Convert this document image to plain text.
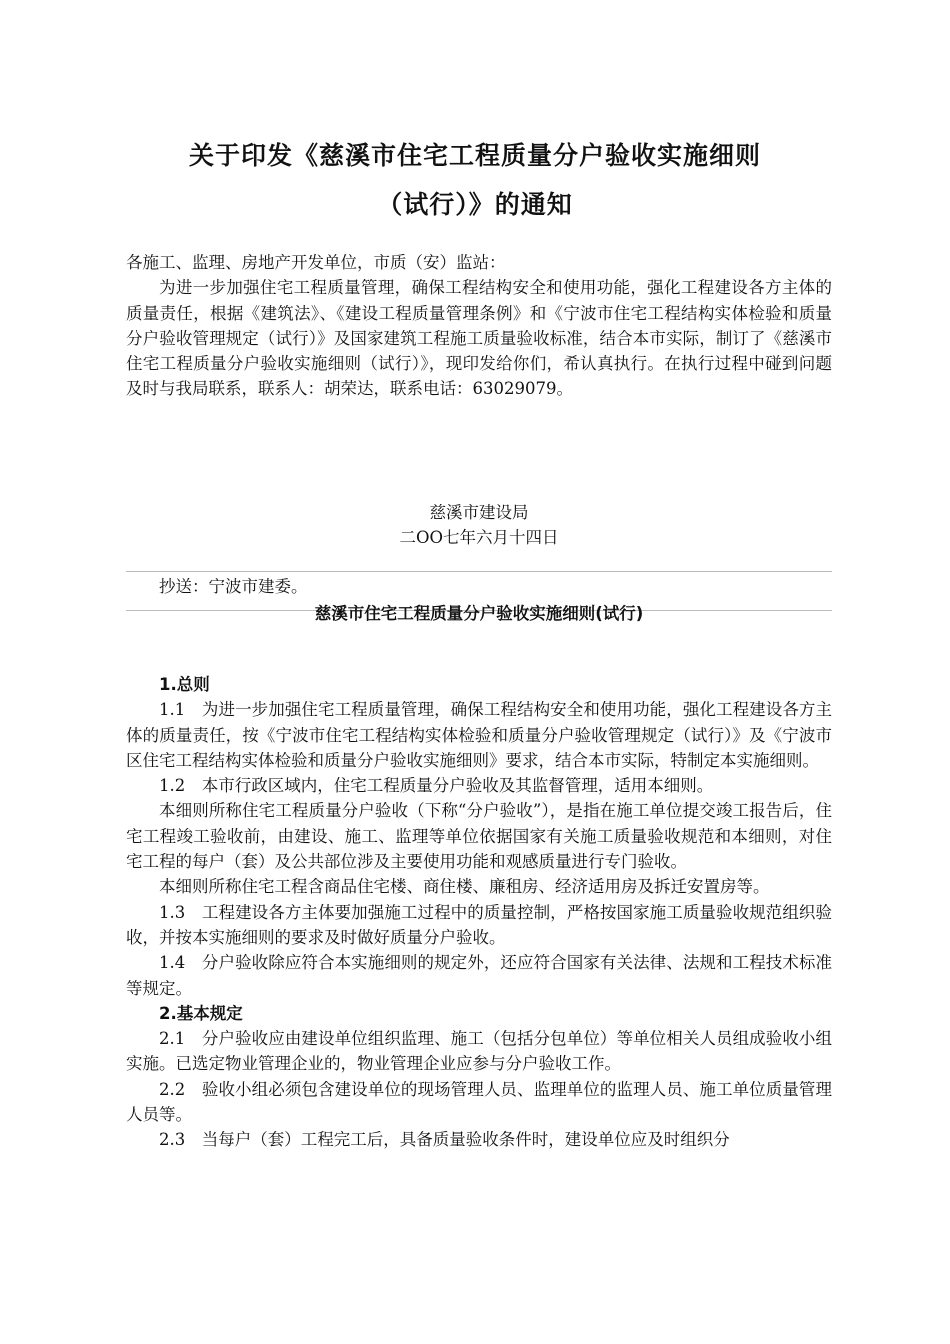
关于印发《慈溪市住宅工程质量分户验收实施细则
（试行）》的通知

各施工、监理、房地产开发单位，市质（安）监站：

为进一步加强住宅工程质量管理，确保工程结构安全和使用功能，强化工程建设各方主体的质量责任，根据《建筑法》、《建设工程质量管理条例》和《宁波市住宅工程结构实体检验和质量分户验收管理规定（试行）》及国家建筑工程施工质量验收标准，结合本市实际，制订了《慈溪市住宅工程质量分户验收实施细则（试行）》，现印发给你们，希认真执行。在执行过程中碰到问题及时与我局联系，联系人：胡荣达，联系电话：63029079。

慈溪市建设局

二OO七年六月十四日

抄送：宁波市建委。

慈溪市住宅工程质量分户验收实施细则(试行)

1.总则

1.1　为进一步加强住宅工程质量管理，确保工程结构安全和使用功能，强化工程建设各方主体的质量责任，按《宁波市住宅工程结构实体检验和质量分户验收管理规定（试行）》及《宁波市区住宅工程结构实体检验和质量分户验收实施细则》要求，结合本市实际，特制定本实施细则。

1.2　本市行政区域内，住宅工程质量分户验收及其监督管理，适用本细则。

本细则所称住宅工程质量分户验收（下称“分户验收”），是指在施工单位提交竣工报告后，住宅工程竣工验收前，由建设、施工、监理等单位依据国家有关施工质量验收规范和本细则，对住宅工程的每户（套）及公共部位涉及主要使用功能和观感质量进行专门验收。

本细则所称住宅工程含商品住宅楼、商住楼、廉租房、经济适用房及拆迁安置房等。

1.3　工程建设各方主体要加强施工过程中的质量控制，严格按国家施工质量验收规范组织验收，并按本实施细则的要求及时做好质量分户验收。

1.4　分户验收除应符合本实施细则的规定外，还应符合国家有关法律、法规和工程技术标准等规定。

2.基本规定

2.1　分户验收应由建设单位组织监理、施工（包括分包单位）等单位相关人员组成验收小组实施。已选定物业管理企业的，物业管理企业应参与分户验收工作。

2.2　验收小组必须包含建设单位的现场管理人员、监理单位的监理人员、施工单位质量管理人员等。

2.3　当每户（套）工程完工后，具备质量验收条件时，建设单位应及时组织分
